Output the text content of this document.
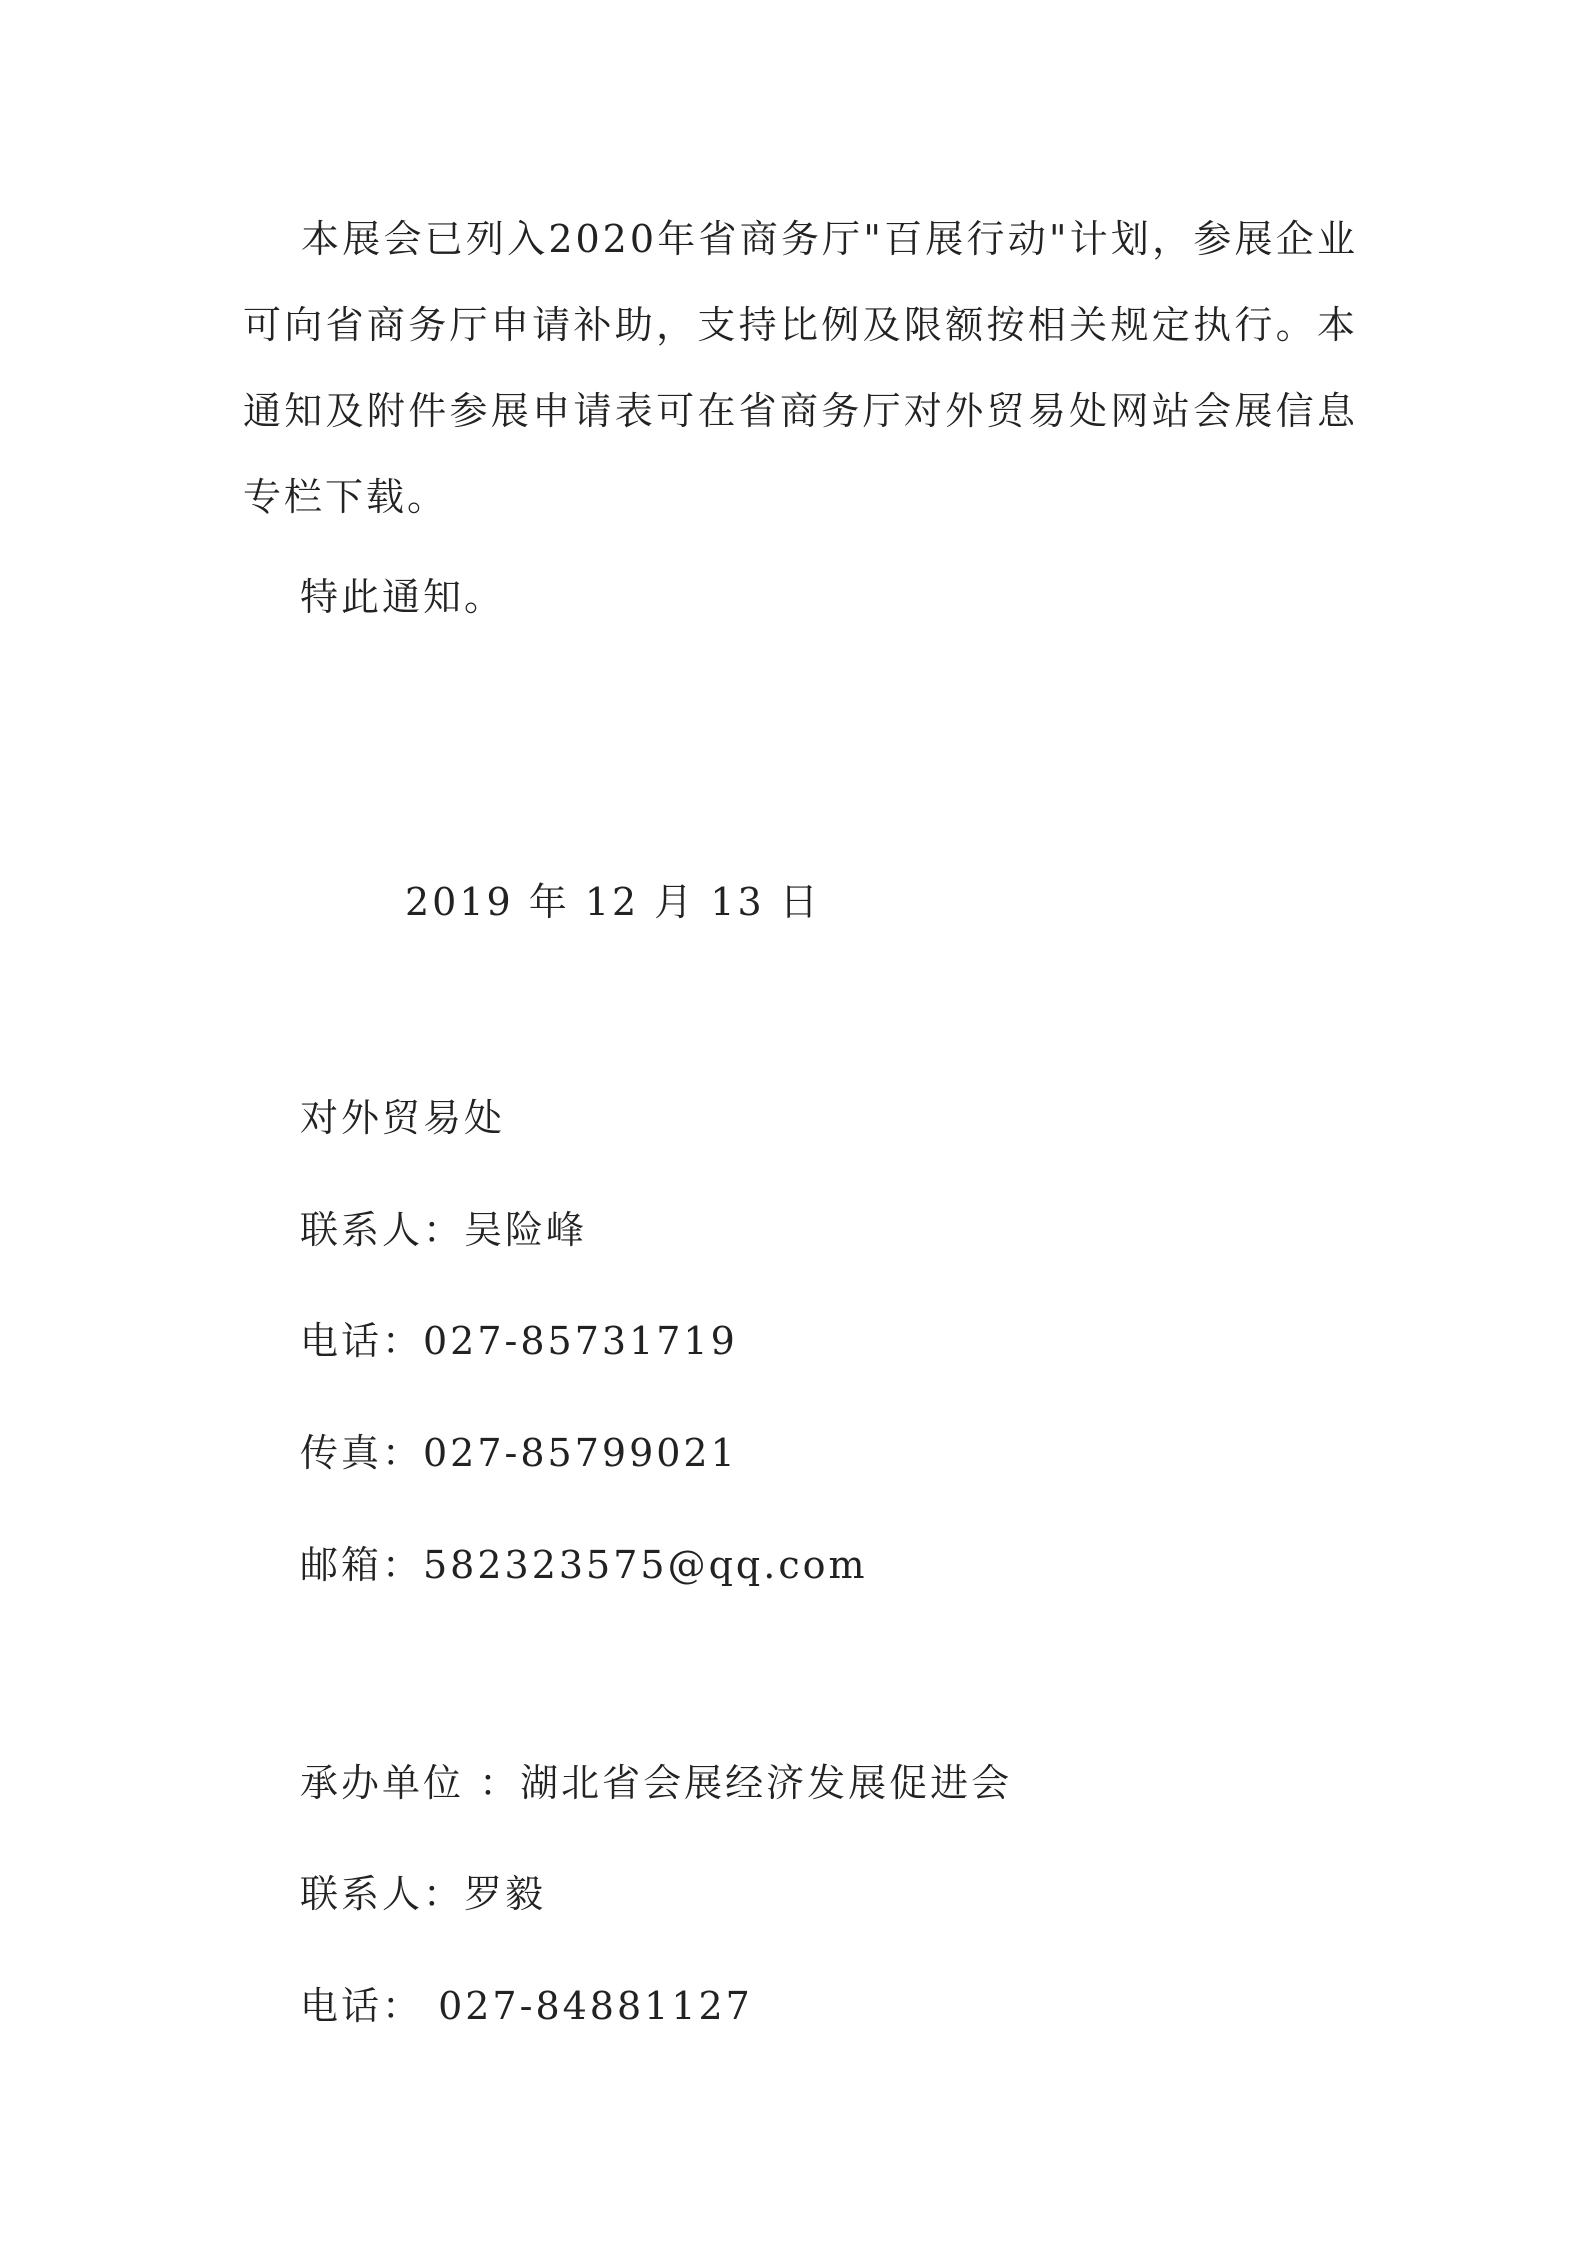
本展会已列入2020年省商务厅"百展行动"计划，参展企业可向省商务厅申请补助，支持比例及限额按相关规定执行。本通知及附件参展申请表可在省商务厅对外贸易处网站会展信息专栏下载。

特此通知。

2019 年 12 月 13 日

对外贸易处

联系人：吴险峰

电话：027-85731719

传真：027-85799021

邮箱：582323575@qq.com

承办单位 ：湖北省会展经济发展促进会

联系人：罗毅

电话： 027-84881127
